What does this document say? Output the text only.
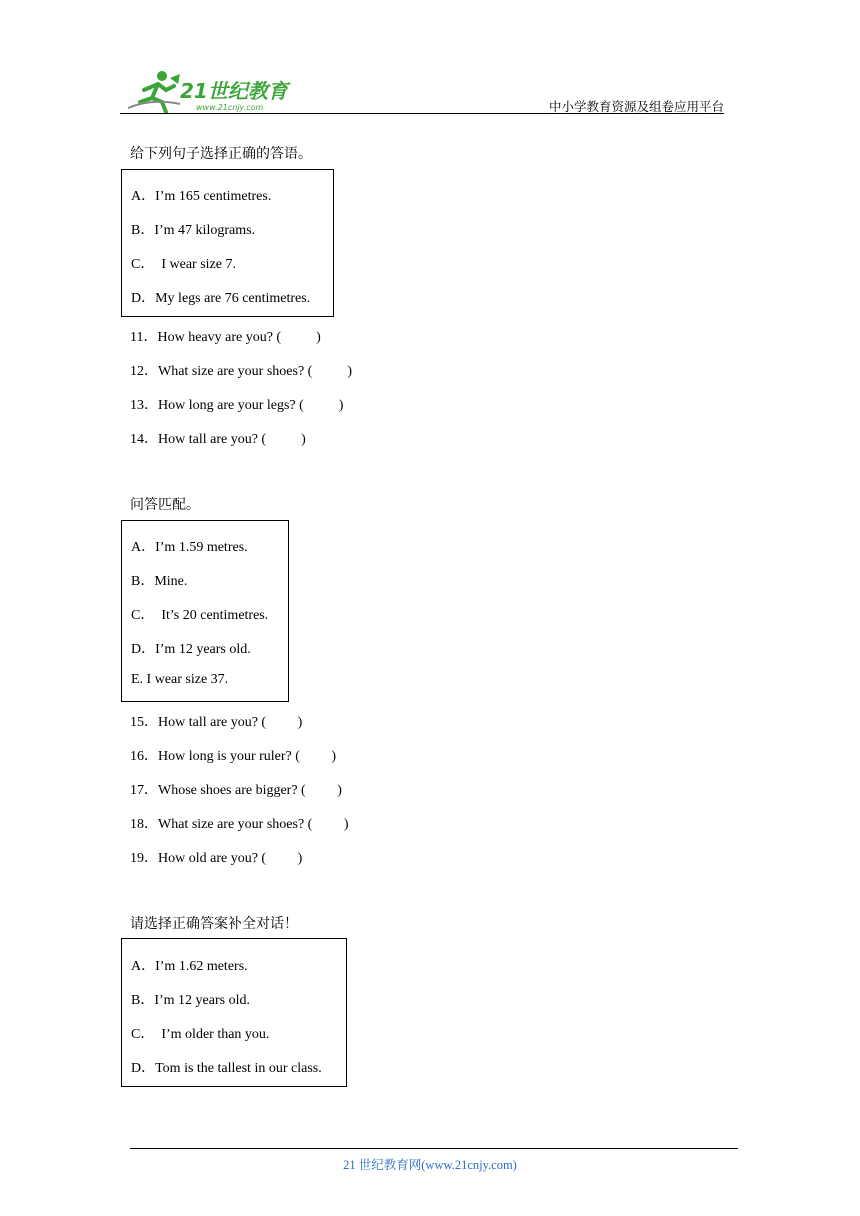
21世纪教育
www.21cnjy.com	中小学教育资源及组卷应用平台
给下列句子选择正确的答语。
A．I’m 165 centimetres.
B．I’m 47 kilograms.
C．  I wear size 7.
D．My legs are 76 centimetres.
11．How heavy are you? (          )
12．What size are your shoes? (          )
13．How long are your legs? (          )
14．How tall are you? (          )
问答匹配。
A．I’m 1.59 metres.
B．Mine.
C．  It’s 20 centimetres.
D．I’m 12 years old.
E. I wear size 37.
15．How tall are you? (         )
16．How long is your ruler? (         )
17．Whose shoes are bigger? (         )
18．What size are your shoes? (         )
19．How old are you? (         )
请选择正确答案补全对话！
A．I’m 1.62 meters.
B．I’m 12 years old.
C．  I’m older than you.
D．Tom is the tallest in our class.
21 世纪教育网(www.21cnjy.com)
